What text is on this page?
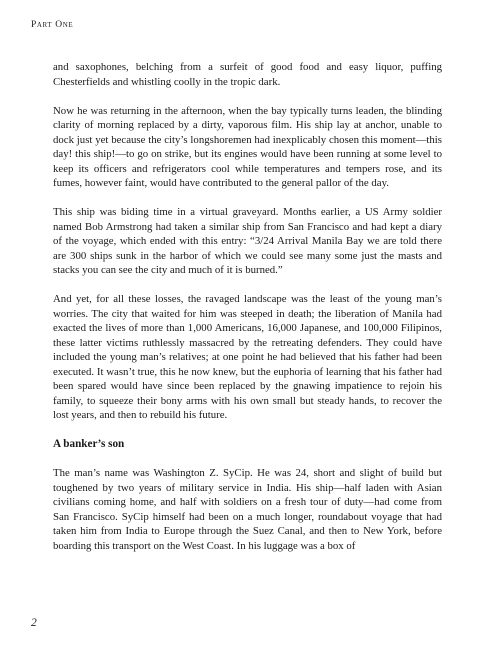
Part One

and saxophones, belching from a surfeit of good food and easy liquor, puffing Chesterfields and whistling coolly in the tropic dark.

Now he was returning in the afternoon, when the bay typically turns leaden, the blinding clarity of morning replaced by a dirty, vaporous film. His ship lay at anchor, unable to dock just yet because the city’s longshoremen had inexplicably chosen this moment—this day! this ship!—to go on strike, but its engines would have been running at some level to keep its officers and refrigerators cool while temperatures and tempers rose, and its fumes, however faint, would have contributed to the general pallor of the day.

This ship was biding time in a virtual graveyard. Months earlier, a US Army soldier named Bob Armstrong had taken a similar ship from San Francisco and had kept a diary of the voyage, which ended with this entry: “3/24 Arrival Manila Bay we are told there are 300 ships sunk in the harbor of which we could see many some just the masts and stacks you can see the city and much of it is burned.”

And yet, for all these losses, the ravaged landscape was the least of the young man’s worries. The city that waited for him was steeped in death; the liberation of Manila had exacted the lives of more than 1,000 Americans, 16,000 Japanese, and 100,000 Filipinos, these latter victims ruthlessly massacred by the retreating defenders. They could have included the young man’s relatives; at one point he had believed that his father had been executed. It wasn’t true, this he now knew, but the euphoria of learning that his father had been spared would have since been replaced by the gnawing impatience to rejoin his family, to squeeze their bony arms with his own small but steady hands, to recover the lost years, and then to rebuild his future.

A banker’s son

The man’s name was Washington Z. SyCip. He was 24, short and slight of build but toughened by two years of military service in India. His ship—half laden with Asian civilians coming home, and half with soldiers on a fresh tour of duty—had come from San Francisco. SyCip himself had been on a much longer, roundabout voyage that had taken him from India to Europe through the Suez Canal, and then to New York, before boarding this transport on the West Coast. In his luggage was a box of

2
